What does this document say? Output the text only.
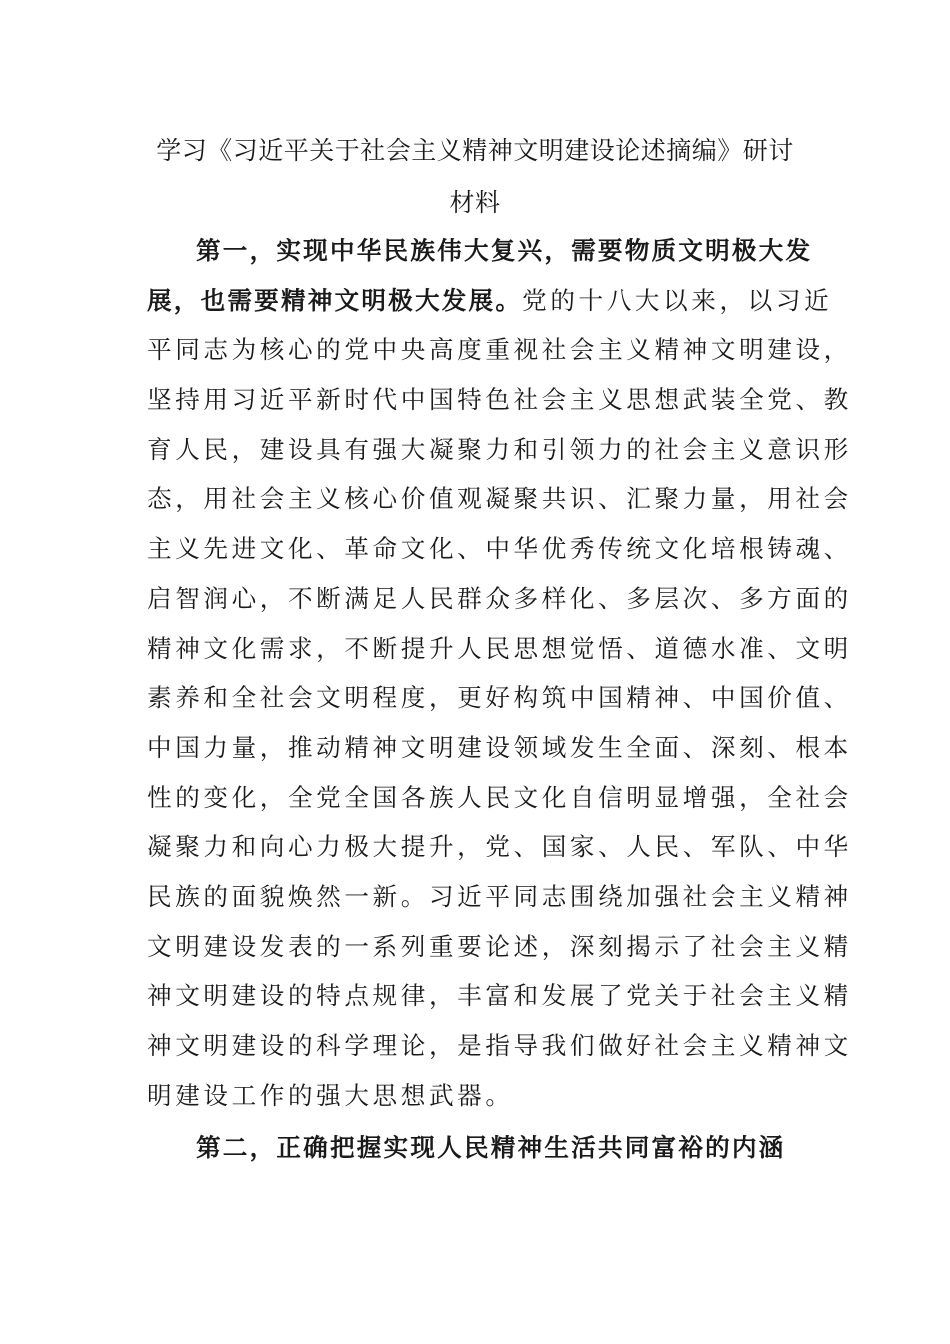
学习《习近平关于社会主义精神文明建设论述摘编》研讨
材料
第一，实现中华民族伟大复兴，需要物质文明极大发
展，也需要精神文明极大发展。党的十八大以来，以习近
平同志为核心的党中央高度重视社会主义精神文明建设，
坚持用习近平新时代中国特色社会主义思想武装全党、教
育人民，建设具有强大凝聚力和引领力的社会主义意识形
态，用社会主义核心价值观凝聚共识、汇聚力量，用社会
主义先进文化、革命文化、中华优秀传统文化培根铸魂、
启智润心，不断满足人民群众多样化、多层次、多方面的
精神文化需求，不断提升人民思想觉悟、道德水准、文明
素养和全社会文明程度，更好构筑中国精神、中国价值、
中国力量，推动精神文明建设领域发生全面、深刻、根本
性的变化，全党全国各族人民文化自信明显增强，全社会
凝聚力和向心力极大提升，党、国家、人民、军队、中华
民族的面貌焕然一新。习近平同志围绕加强社会主义精神
文明建设发表的一系列重要论述，深刻揭示了社会主义精
神文明建设的特点规律，丰富和发展了党关于社会主义精
神文明建设的科学理论，是指导我们做好社会主义精神文
明建设工作的强大思想武器。
第二，正确把握实现人民精神生活共同富裕的内涵
